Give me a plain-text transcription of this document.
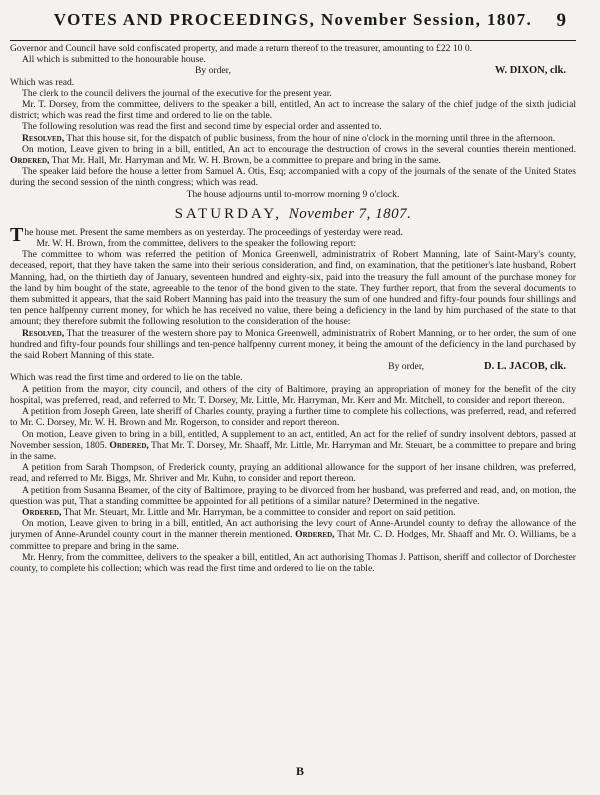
VOTES AND PROCEEDINGS, November Session, 1807. 9

Governor and Council have sold confiscated property, and made a return thereof to the treasurer, amounting to £22 10 0.

All which is submitted to the honourable house.

By order,	W. DIXON, clk.

Which was read.

The clerk to the council delivers the journal of the executive for the present year.

Mr. T. Dorsey, from the committee, delivers to the speaker a bill, entitled, An act to increase the salary of the chief judge of the sixth judicial district; which was read the first time and ordered to lie on the table.

The following resolution was read the first and second time by especial order and assented to.

Resolved, That this house sit, for the dispatch of public business, from the hour of nine o'clock in the morning until three in the afternoon.

On motion, Leave given to bring in a bill, entitled, An act to encourage the destruction of crows in the several counties therein mentioned. Ordered, That Mr. Hall, Mr. Harryman and Mr. W. H. Brown, be a committee to prepare and bring in the same.

The speaker laid before the house a letter from Samuel A. Otis, Esq; accompanied with a copy of the journals of the senate of the United States during the second session of the ninth congress; which was read.

The house adjourns until to-morrow morning 9 o'clock.

SATURDAY, November 7, 1807.

The house met. Present the same members as on yesterday. The proceedings of yesterday were read.

Mr. W. H. Brown, from the committee, delivers to the speaker the following report:

The committee to whom was referred the petition of Monica Greenwell, administratrix of Robert Manning, late of Saint-Mary's county, deceased, report, that they have taken the same into their serious consideration, and find, on examination, that the petitioner's late husband, Robert Manning, had, on the thirtieth day of January, seventeen hundred and eighty-six, paid into the treasury the full amount of the purchase money for the land by him bought of the state, agreeable to the tenor of the bond given to the state. They further report, that from the several documents to them submitted it appears, that the said Robert Manning has paid into the treasury the sum of one hundred and fifty-four pounds four shillings and ten pence halfpenny current money, for which he has received no value, there being a deficiency in the land by him purchased of the state to that amount; they therefore submit the following resolution to the consideration of the house:

Resolved, That the treasurer of the western shore pay to Monica Greenwell, administratrix of Robert Manning, or to her order, the sum of one hundred and fifty-four pounds four shillings and ten-pence halfpenny current money, it being the amount of the deficiency in the land purchased by the said Robert Manning of this state.

By order,	D. L. JACOB, clk.

Which was read the first time and ordered to lie on the table.

A petition from the mayor, city council, and others of the city of Baltimore, praying an appropriation of money for the benefit of the city hospital, was preferred, read, and referred to Mr. T. Dorsey, Mr. Little, Mr. Harryman, Mr. Kerr and Mr. Mitchell, to consider and report thereon.

A petition from Joseph Green, late sheriff of Charles county, praying a further time to complete his collections, was preferred, read, and referred to Mr. C. Dorsey, Mr. W. H. Brown and Mr. Rogerson, to consider and report thereon.

On motion, Leave given to bring in a bill, entitled, A supplement to an act, entitled, An act for the relief of sundry insolvent debtors, passed at November session, 1805. Ordered, That Mr. T. Dorsey, Mr. Shaaff, Mr. Little, Mr. Harryman and Mr. Steuart, be a committee to prepare and bring in the same.

A petition from Sarah Thompson, of Frederick county, praying an additional allowance for the support of her insane children, was preferred, read, and referred to Mr. Biggs, Mr. Shriver and Mr. Kuhn, to consider and report thereon.

A petition from Susanna Beamer, of the city of Baltimore, praying to be divorced from her husband, was preferred and read, and, on motion, the question was put, That a standing committee be appointed for all petitions of a similar nature? Determined in the negative.

Ordered, That Mr. Steuart, Mr. Little and Mr. Harryman, be a committee to consider and report on said petition.

On motion, Leave given to bring in a bill, entitled, An act authorising the levy court of Anne-Arundel county to defray the allowance of the jurymen of Anne-Arundel county court in the manner therein mentioned. Ordered, That Mr. C. D. Hodges, Mr. Shaaff and Mr. O. Williams, be a committee to prepare and bring in the same.

Mr. Henry, from the committee, delivers to the speaker a bill, entitled, An act authorising Thomas J. Pattison, sheriff and collector of Dorchester county, to complete his collection; which was read the first time and ordered to lie on the table.

B
